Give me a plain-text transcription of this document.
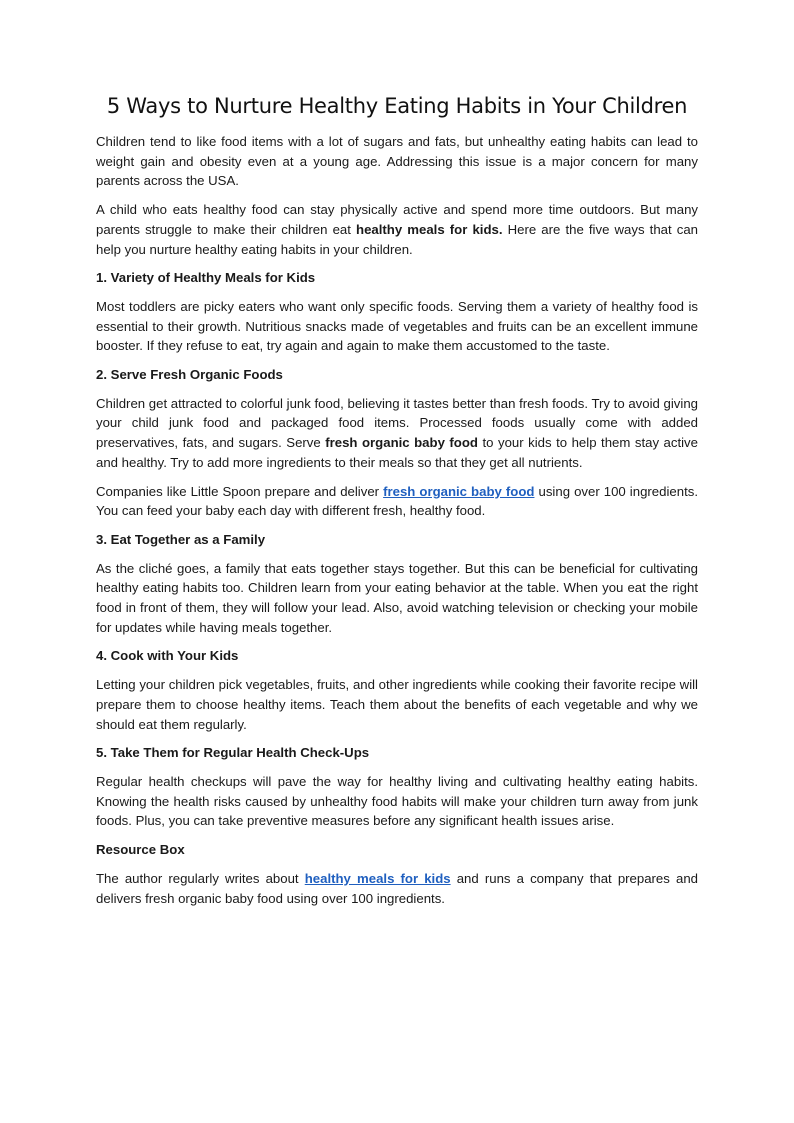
5 Ways to Nurture Healthy Eating Habits in Your Children

Children tend to like food items with a lot of sugars and fats, but unhealthy eating habits can lead to weight gain and obesity even at a young age. Addressing this issue is a major concern for many parents across the USA.

A child who eats healthy food can stay physically active and spend more time outdoors. But many parents struggle to make their children eat healthy meals for kids. Here are the five ways that can help you nurture healthy eating habits in your children.

1. Variety of Healthy Meals for Kids

Most toddlers are picky eaters who want only specific foods. Serving them a variety of healthy food is essential to their growth. Nutritious snacks made of vegetables and fruits can be an excellent immune booster. If they refuse to eat, try again and again to make them accustomed to the taste.

2. Serve Fresh Organic Foods

Children get attracted to colorful junk food, believing it tastes better than fresh foods. Try to avoid giving your child junk food and packaged food items. Processed foods usually come with added preservatives, fats, and sugars. Serve fresh organic baby food to your kids to help them stay active and healthy. Try to add more ingredients to their meals so that they get all nutrients.

Companies like Little Spoon prepare and deliver fresh organic baby food using over 100 ingredients. You can feed your baby each day with different fresh, healthy food.

3. Eat Together as a Family

As the cliché goes, a family that eats together stays together. But this can be beneficial for cultivating healthy eating habits too. Children learn from your eating behavior at the table. When you eat the right food in front of them, they will follow your lead. Also, avoid watching television or checking your mobile for updates while having meals together.

4. Cook with Your Kids

Letting your children pick vegetables, fruits, and other ingredients while cooking their favorite recipe will prepare them to choose healthy items. Teach them about the benefits of each vegetable and why we should eat them regularly.

5. Take Them for Regular Health Check-Ups

Regular health checkups will pave the way for healthy living and cultivating healthy eating habits. Knowing the health risks caused by unhealthy food habits will make your children turn away from junk foods. Plus, you can take preventive measures before any significant health issues arise.

Resource Box

The author regularly writes about healthy meals for kids and runs a company that prepares and delivers fresh organic baby food using over 100 ingredients.
